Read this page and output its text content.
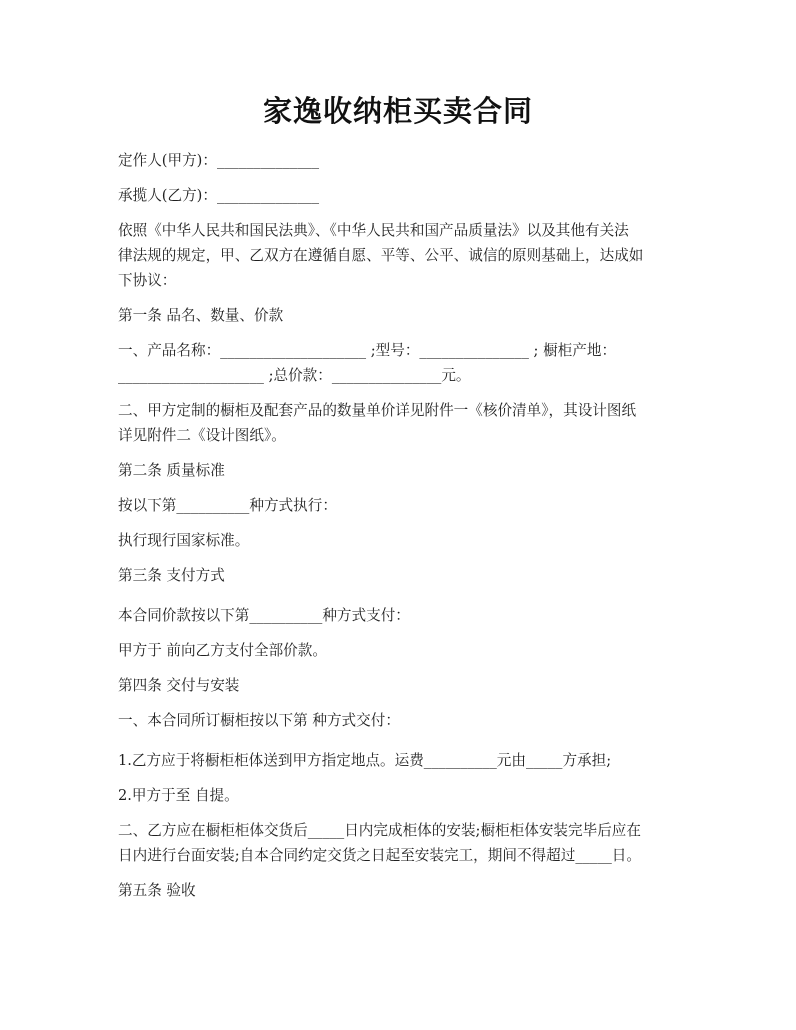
家逸收纳柜买卖合同
定作人(甲方)：______________
承揽人(乙方)：______________
依照《中华人民共和国民法典》、《中华人民共和国产品质量法》以及其他有关法
律法规的规定，甲、乙双方在遵循自愿、平等、公平、诚信的原则基础上，达成如
下协议：
第一条 品名、数量、价款
一、产品名称：____________________ ;型号：_______________ ; 橱柜产地：
____________________ ;总价款：_______________元。
二、甲方定制的橱柜及配套产品的数量单价详见附件一《核价清单》，其设计图纸
详见附件二《设计图纸》。
第二条 质量标准
按以下第__________种方式执行：
执行现行国家标准。
第三条 支付方式
本合同价款按以下第__________种方式支付：
甲方于 前向乙方支付全部价款。
第四条 交付与安装
一、本合同所订橱柜按以下第 种方式交付：
1.乙方应于将橱柜柜体送到甲方指定地点。运费__________元由_____方承担;
2.甲方于至 自提。
二、乙方应在橱柜柜体交货后_____日内完成柜体的安装;橱柜柜体安装完毕后应在
日内进行台面安装;自本合同约定交货之日起至安装完工，期间不得超过_____日。
第五条 验收
